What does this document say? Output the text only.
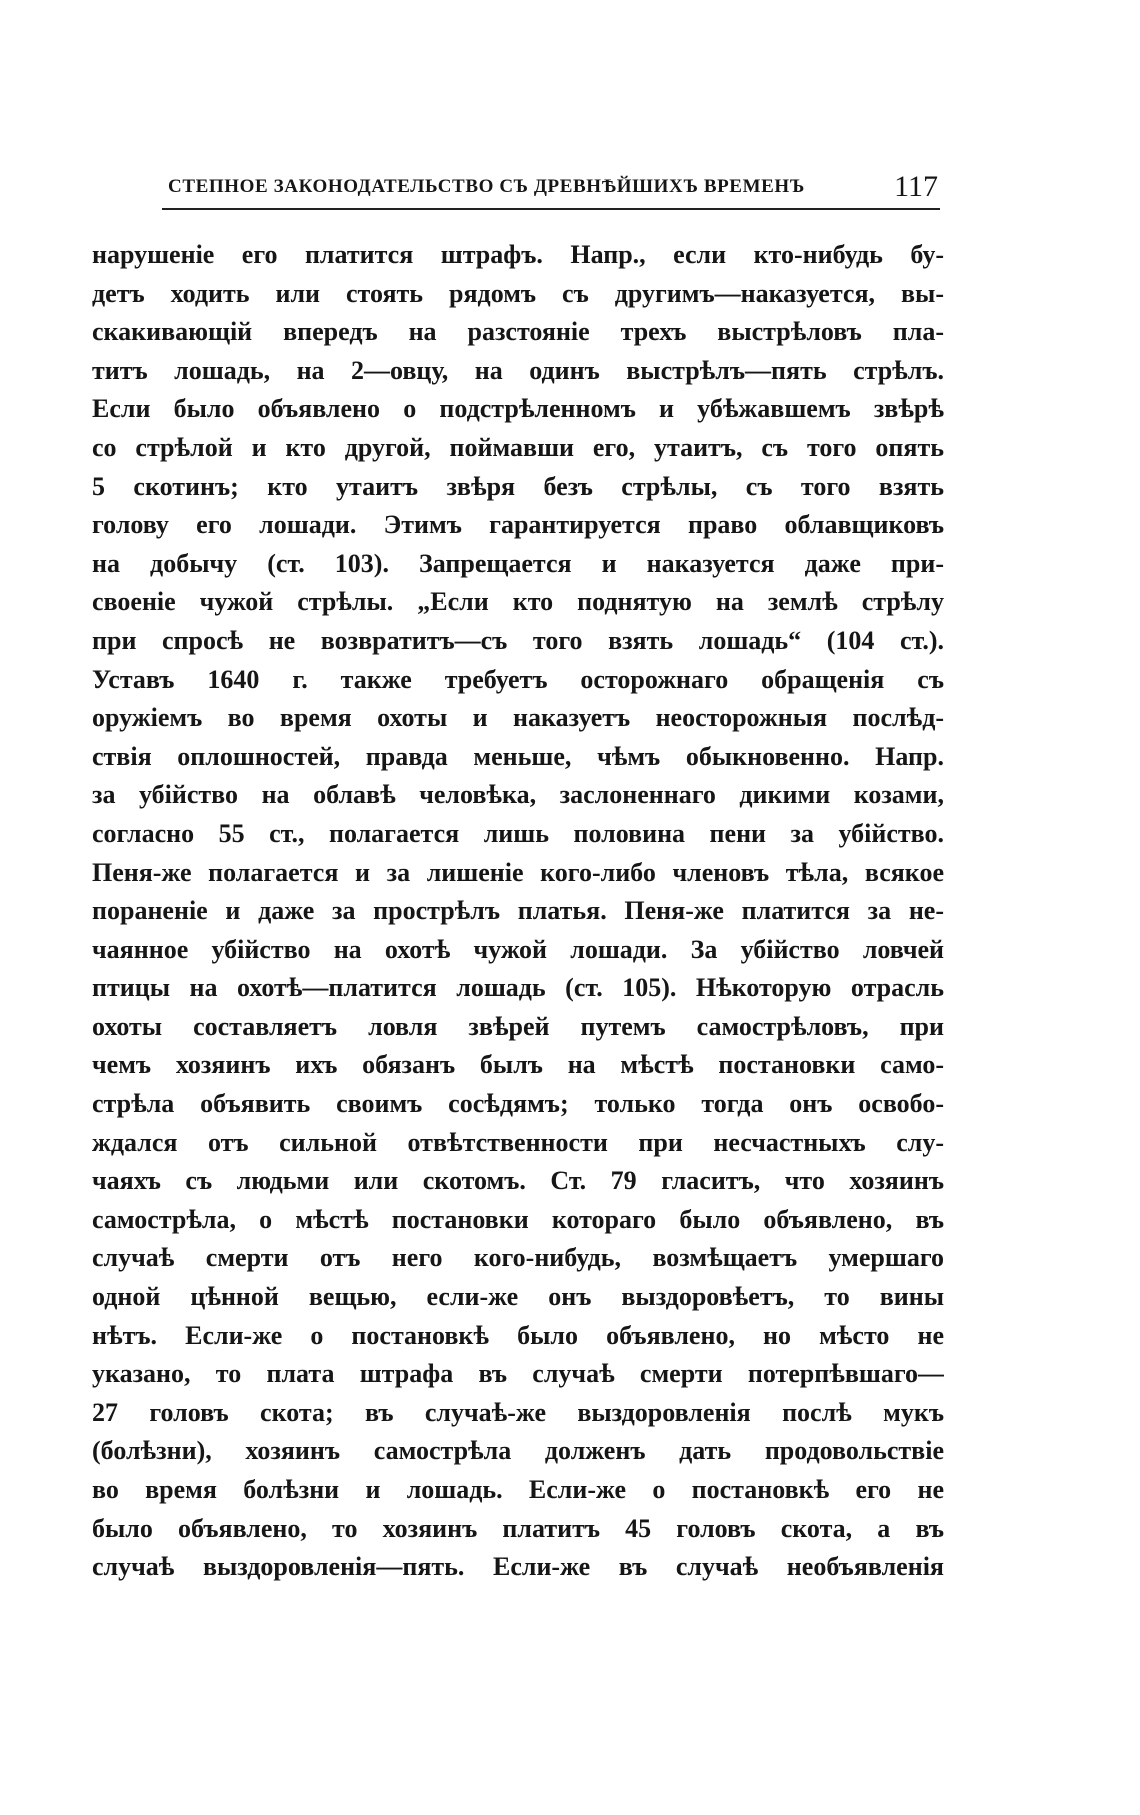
СТЕПНОЕ ЗАКОНОДАТЕЛЬСТВО СЪ ДРЕВНѢЙШИХЪ ВРЕМЕНЪ	117
нарушеніе его платится штрафъ. Напр., если кто-нибудь бу-
детъ ходить или стоять рядомъ съ другимъ—наказуется, вы-
скакивающій впередъ на разстояніе трехъ выстрѣловъ пла-
титъ лошадь, на 2—овцу, на одинъ выстрѣлъ—пять стрѣлъ.
Если было объявлено о подстрѣленномъ и убѣжавшемъ звѣрѣ
со стрѣлой и кто другой, поймавши его, утаитъ, съ того опять
5 скотинъ; кто утаитъ звѣря безъ стрѣлы, съ того взять
голову его лошади. Этимъ гарантируется право облавщиковъ
на добычу (ст. 103). Запрещается и наказуется даже при-
своеніе чужой стрѣлы. „Если кто поднятую на землѣ стрѣлу
при спросѣ не возвратитъ—съ того взять лошадь“ (104 ст.).
Уставъ 1640 г. также требуетъ осторожнаго обращенія съ
оружіемъ во время охоты и наказуетъ неосторожныя послѣд-
ствія оплошностей, правда меньше, чѣмъ обыкновенно. Напр.
за убійство на облавѣ человѣка, заслоненнаго дикими козами,
согласно 55 ст., полагается лишь половина пени за убійство.
Пеня-же полагается и за лишеніе кого-либо членовъ тѣла, всякое
пораненіе и даже за прострѣлъ платья. Пеня-же платится за не-
чаянное убійство на охотѣ чужой лошади. За убійство ловчей
птицы на охотѣ—платится лошадь (ст. 105). Нѣкоторую отрасль
охоты составляетъ ловля звѣрей путемъ самострѣловъ, при
чемъ хозяинъ ихъ обязанъ былъ на мѣстѣ постановки само-
стрѣла объявить своимъ сосѣдямъ; только тогда онъ освобо-
ждался отъ сильной отвѣтственности при несчастныхъ слу-
чаяхъ съ людьми или скотомъ. Ст. 79 гласитъ, что хозяинъ
самострѣла, о мѣстѣ постановки котораго было объявлено, въ
случаѣ смерти отъ него кого-нибудь, возмѣщаетъ умершаго
одной цѣнной вещью, если-же онъ выздоровѣетъ, то вины
нѣтъ. Если-же о постановкѣ было объявлено, но мѣсто не
указано, то плата штрафа въ случаѣ смерти потерпѣвшаго—
27 головъ скота; въ случаѣ-же выздоровленія послѣ мукъ
(болѣзни), хозяинъ самострѣла долженъ дать продовольствіе
во время болѣзни и лошадь. Если-же о постановкѣ его не
было объявлено, то хозяинъ платитъ 45 головъ скота, а въ
случаѣ выздоровленія—пять. Если-же въ случаѣ необъявленія
